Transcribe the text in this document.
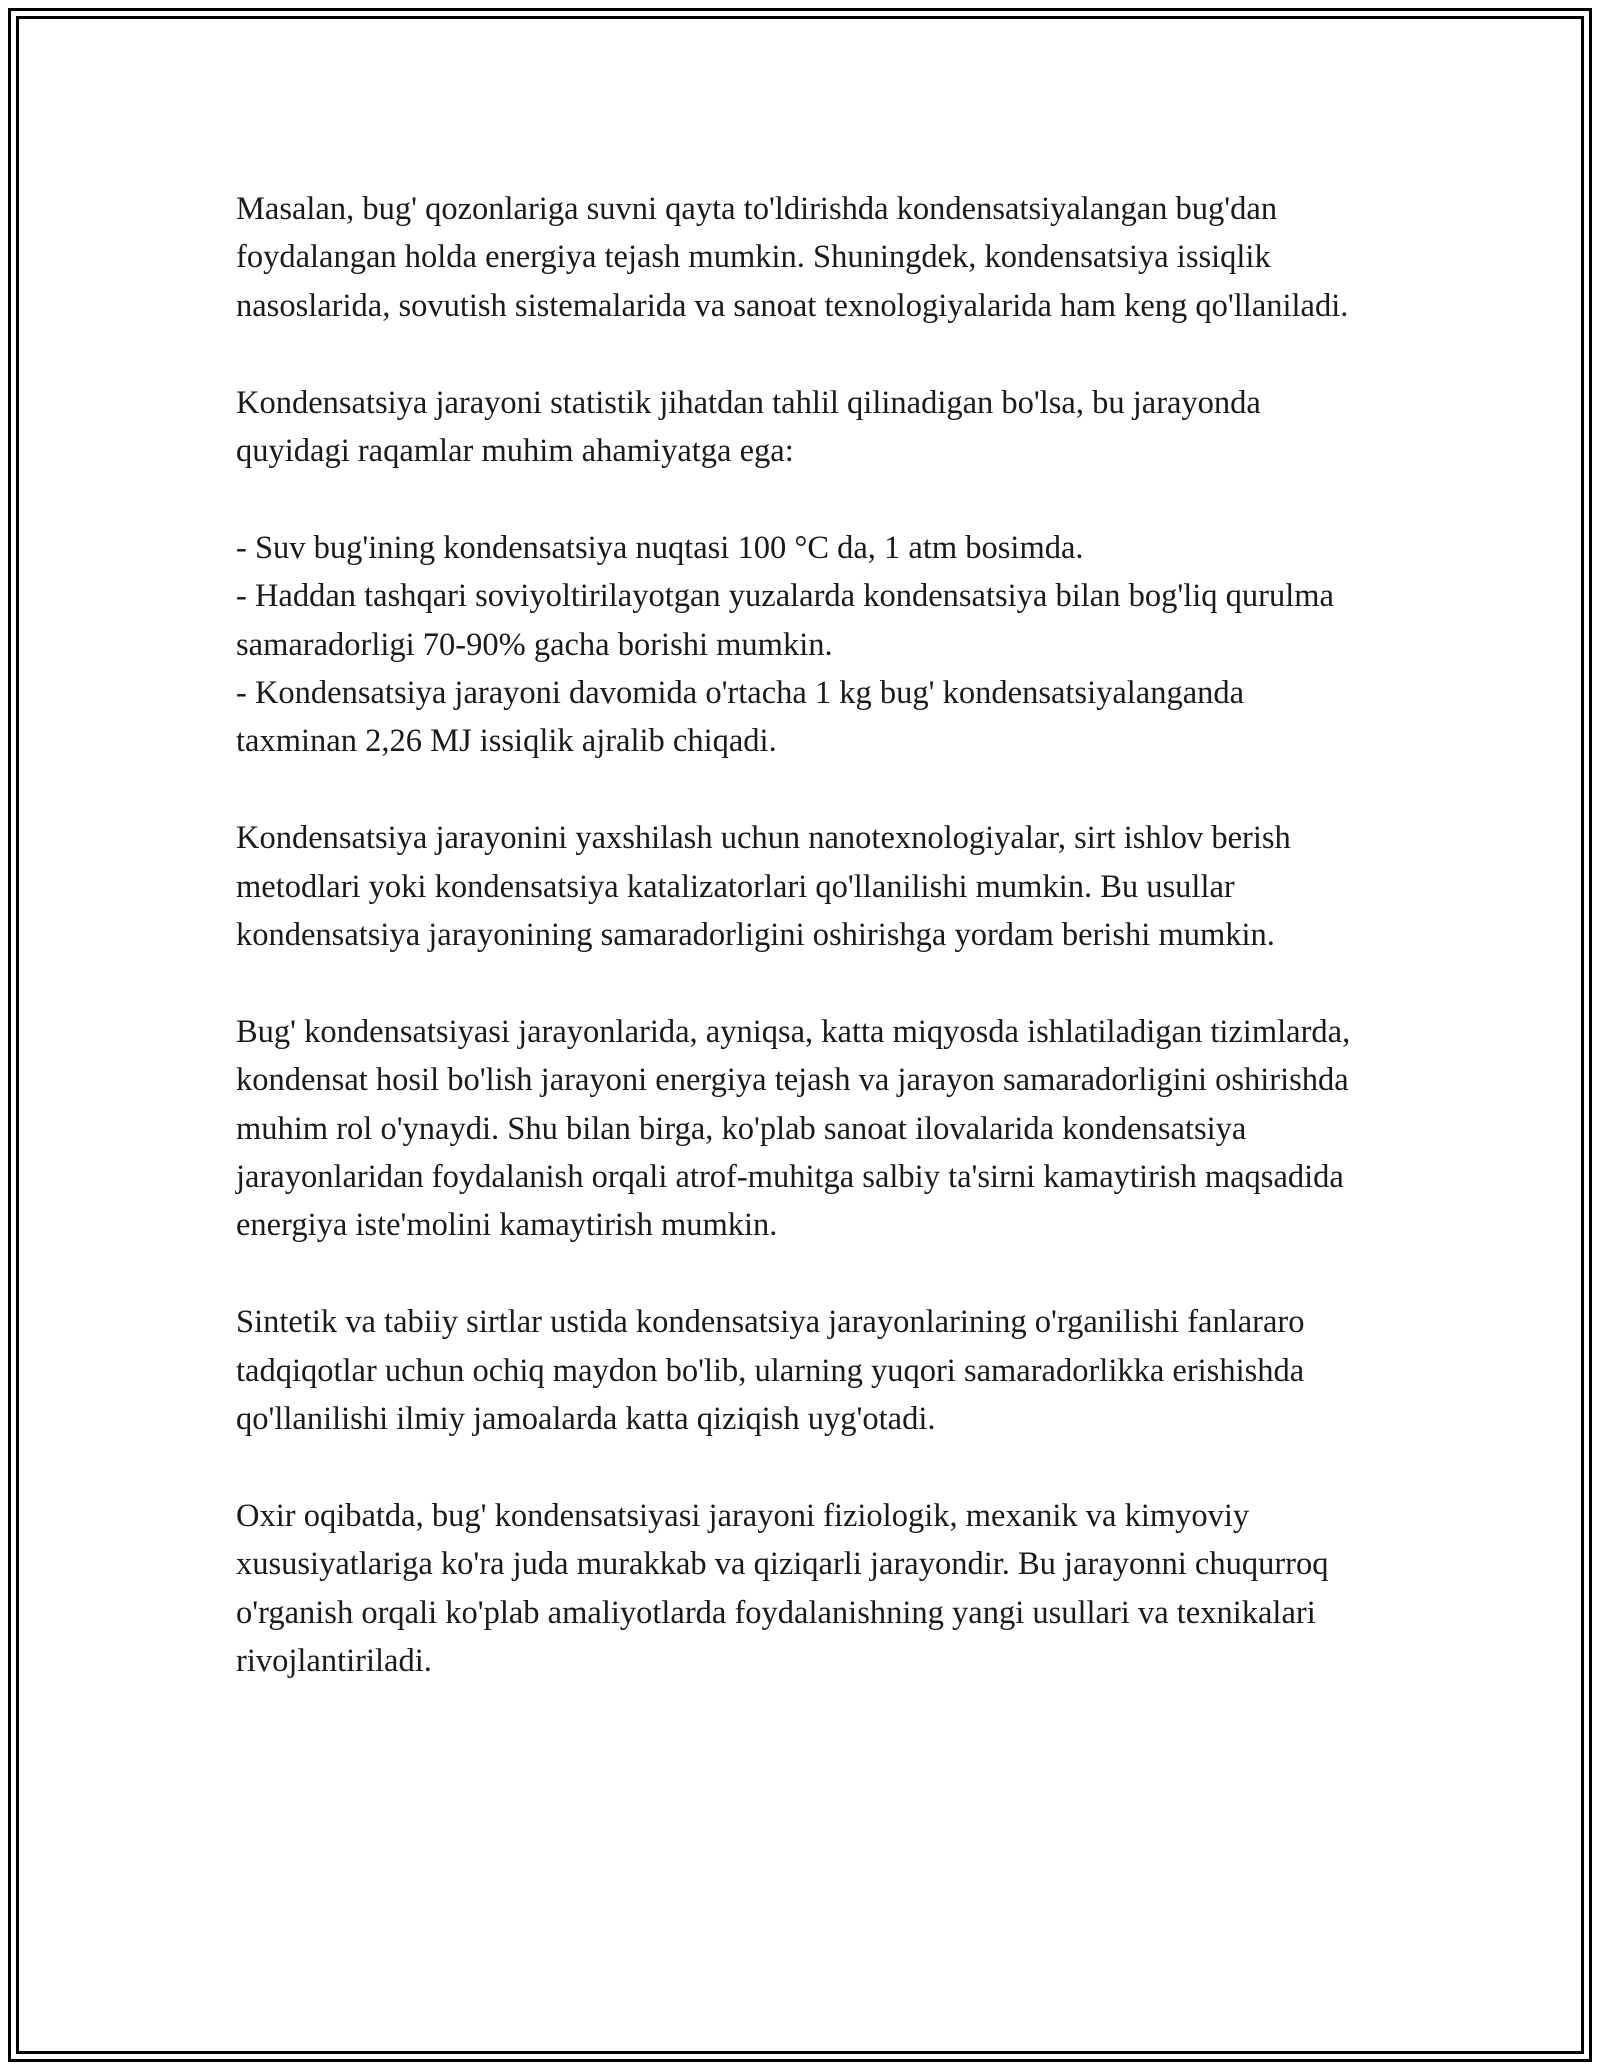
Masalan, bug' qozonlariga suvni qayta to'ldirishda kondensatsiyalangan bug'dan foydalangan holda energiya tejash mumkin. Shuningdek, kondensatsiya issiqlik nasoslarida, sovutish sistemalarida va sanoat texnologiyalarida ham keng qo'llaniladi.

Kondensatsiya jarayoni statistik jihatdan tahlil qilinadigan bo'lsa, bu jarayonda quyidagi raqamlar muhim ahamiyatga ega:

- Suv bug'ining kondensatsiya nuqtasi 100 °C da, 1 atm bosimda.
- Haddan tashqari soviyoltirilayotgan yuzalarda kondensatsiya bilan bog'liq qurulma samaradorligi 70-90% gacha borishi mumkin.
- Kondensatsiya jarayoni davomida o'rtacha 1 kg bug' kondensatsiyalanganda taxminan 2,26 MJ issiqlik ajralib chiqadi.

Kondensatsiya jarayonini yaxshilash uchun nanotexnologiyalar, sirt ishlov berish metodlari yoki kondensatsiya katalizatorlari qo'llanilishi mumkin. Bu usullar kondensatsiya jarayonining samaradorligini oshirishga yordam berishi mumkin.

Bug' kondensatsiyasi jarayonlarida, ayniqsa, katta miqyosda ishlatiladigan tizimlarda, kondensat hosil bo'lish jarayoni energiya tejash va jarayon samaradorligini oshirishda muhim rol o'ynaydi. Shu bilan birga, ko'plab sanoat ilovalarida kondensatsiya jarayonlaridan foydalanish orqali atrof-muhitga salbiy ta'sirni kamaytirish maqsadida energiya iste'molini kamaytirish mumkin.

Sintetik va tabiiy sirtlar ustida kondensatsiya jarayonlarining o'rganilishi fanlararo tadqiqotlar uchun ochiq maydon bo'lib, ularning yuqori samaradorlikka erishishda qo'llanilishi ilmiy jamoalarda katta qiziqish uyg'otadi.

Oxir oqibatda, bug' kondensatsiyasi jarayoni fiziologik, mexanik va kimyoviy xususiyatlariga ko'ra juda murakkab va qiziqarli jarayondir. Bu jarayonni chuqurroq o'rganish orqali ko'plab amaliyotlarda foydalanishning yangi usullari va texnikalari rivojlantiriladi.
